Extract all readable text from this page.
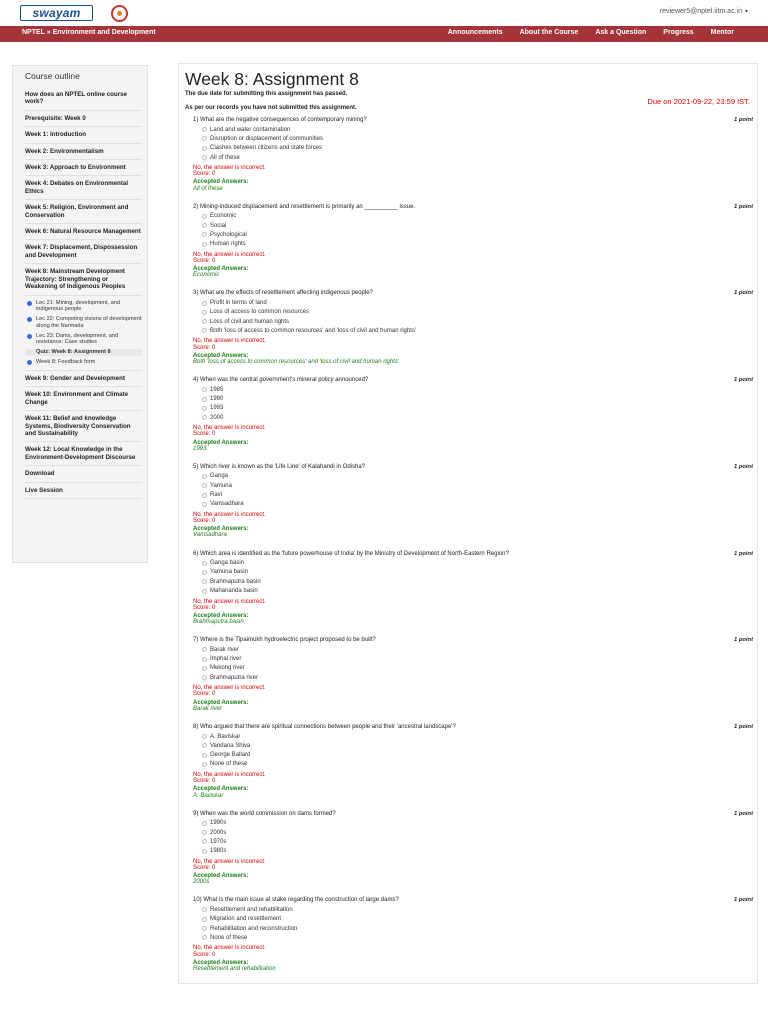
swayam	reviewer5@nptel.iitm.ac.in ▾
NPTEL » Environment and Development	Announcements About the Course Ask a Question Progress Mentor
Course outline
How does an NPTEL online course work?
Prerequisite: Week 0
Week 1: Introduction
Week 2: Environmentalism
Week 3: Approach to Environment
Week 4: Debates on Environmental Ethics
Week 5: Religion, Environment and Conservation
Week 6: Natural Resource Management
Week 7: Displacement, Dispossession and Development
Week 8: Mainstream Development Trajectory: Strengthening or Weakening of Indigenous Peoples
Lec 21: Mining, development, and indigenous people
Lec 22: Competing visions of development along the Narmada
Lec 23: Dams, development, and resistance: Case studies
Quiz: Week 8: Assignment 8
Week 8: Feedback form
Week 9: Gender and Development
Week 10: Environment and Climate Change
Week 11: Belief and knowledge Systems, Biodiversity Conservation and Sustainability
Week 12: Local Knowledge in the Environment-Development Discourse
Download
Live Session
Week 8: Assignment 8
The due date for submitting this assignment has passed.
As per our records you have not submitted this assignment.
Due on 2021-09-22, 23:59 IST.
1) What are the negative consequences of contemporary mining?	1 point
Land and water contamination
Disruption or displacement of communities
Clashes between citizens and state forces
All of these
No, the answer is incorrect.
Score: 0
Accepted Answers:
All of these
2) Mining-induced displacement and resettlement is primarily an __________ issue.	1 point
Economic
Social
Psychological
Human rights
No, the answer is incorrect.
Score: 0
Accepted Answers:
Economic
3) What are the effects of resettlement affecting indigenous people?	1 point
Profit in terms of land
Loss of access to common resources
Loss of civil and human rights
Both 'loss of access to common resources' and 'loss of civil and human rights'
No, the answer is incorrect.
Score: 0
Accepted Answers:
Both 'loss of access to common resources' and 'loss of civil and human rights'
4) When was the central government's mineral policy announced?	1 point
1985
1990
1993
2000
No, the answer is incorrect.
Score: 0
Accepted Answers:
1993
5) Which river is known as the 'Life Line' of Kalahandi in Odisha?	1 point
Ganga
Yamuna
Ravi
Vamsadhara
No, the answer is incorrect.
Score: 0
Accepted Answers:
Vamsadhara
6) Which area is identified as the 'future powerhouse of India' by the Ministry of Development of North-Eastern Region?	1 point
Ganga basin
Yamuna basin
Brahmaputra basin
Mahananda basin
No, the answer is incorrect.
Score: 0
Accepted Answers:
Brahmaputra basin
7) Where is the Tipaimukh hydroelectric project proposed to be built?	1 point
Barak river
Imphal river
Mekong river
Brahmaputra river
No, the answer is incorrect.
Score: 0
Accepted Answers:
Barak river
8) Who argued that there are spiritual connections between people and their 'ancestral landscape'?	1 point
A. Baviskar
Vandana Shiva
George Ballard
None of these
No, the answer is incorrect.
Score: 0
Accepted Answers:
A. Baviskar
9) When was the world commission on dams formed?	1 point
1990s
2000s
1970s
1980s
No, the answer is incorrect.
Score: 0
Accepted Answers:
2000s
10) What is the main issue at stake regarding the construction of large dams?	1 point
Resettlement and rehabilitation
Migration and resettlement
Rehabilitation and reconstruction
None of these
No, the answer is incorrect.
Score: 0
Accepted Answers:
Resettlement and rehabilitation
